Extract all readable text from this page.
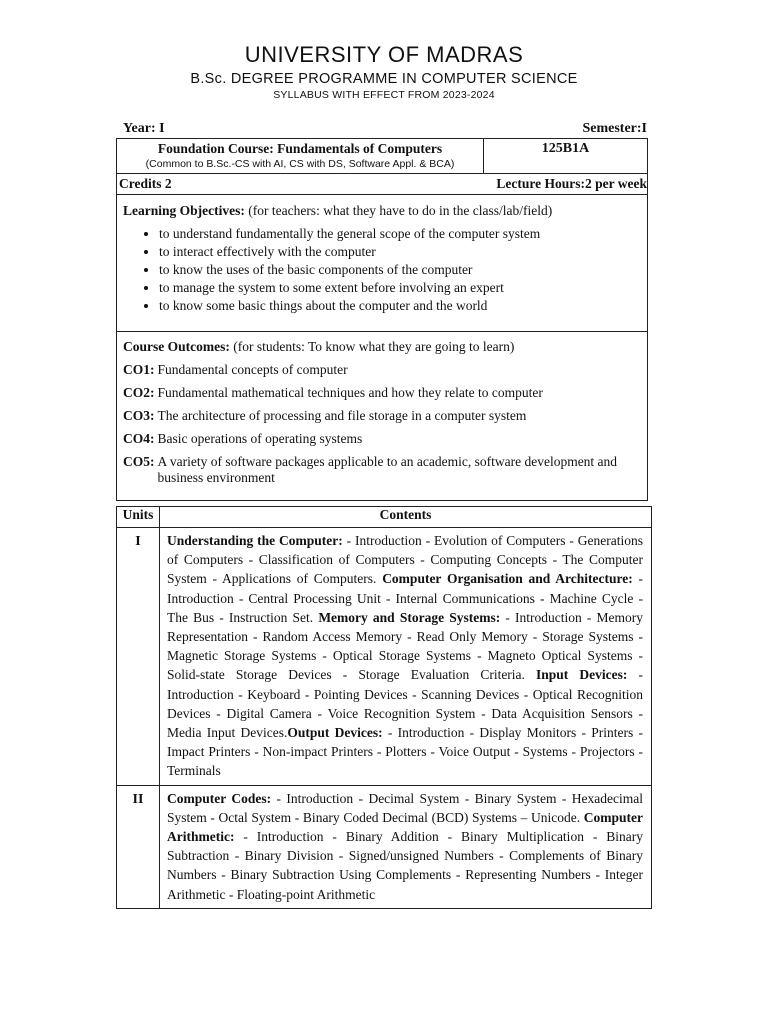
UNIVERSITY OF MADRAS
B.Sc. DEGREE PROGRAMME IN COMPUTER SCIENCE
SYLLABUS WITH EFFECT FROM 2023-2024
Year: I	Semester:I
Foundation Course: Fundamentals of Computers
(Common to B.Sc.-CS with AI, CS with DS, Software Appl. & BCA)
	125B1A

Credits 2	Lecture Hours:2 per week

Learning Objectives: (for teachers: what they have to do in the class/lab/field)
• to understand fundamentally the general scope of the computer system
• to interact effectively with the computer
• to know the uses of the basic components of the computer
• to manage the system to some extent before involving an expert
• to know some basic things about the computer and the world

Course Outcomes: (for students: To know what they are going to learn)

CO1: Fundamental concepts of computer
CO2: Fundamental mathematical techniques and how they relate to computer
CO3: The architecture of processing and file storage in a computer system
CO4: Basic operations of operating systems
CO5: A variety of software packages applicable to an academic, software development and business environment
Units	Contents
I	Understanding the Computer: - Introduction - Evolution of Computers - Generations of Computers - Classification of Computers - Computing Concepts - The Computer System - Applications of Computers. Computer Organisation and Architecture: - Introduction - Central Processing Unit - Internal Communications - Machine Cycle - The Bus - Instruction Set. Memory and Storage Systems: - Introduction - Memory Representation - Random Access Memory - Read Only Memory - Storage Systems - Magnetic Storage Systems - Optical Storage Systems - Magneto Optical Systems - Solid-state Storage Devices - Storage Evaluation Criteria. Input Devices: - Introduction - Keyboard - Pointing Devices - Scanning Devices - Optical Recognition Devices - Digital Camera - Voice Recognition System - Data Acquisition Sensors - Media Input Devices.Output Devices: - Introduction - Display Monitors - Printers - Impact Printers - Non-impact Printers - Plotters - Voice Output - Systems - Projectors - Terminals
II	Computer Codes: - Introduction - Decimal System - Binary System - Hexadecimal System - Octal System - Binary Coded Decimal (BCD) Systems – Unicode. Computer Arithmetic: - Introduction - Binary Addition - Binary Multiplication - Binary Subtraction - Binary Division - Signed/unsigned Numbers - Complements of Binary Numbers - Binary Subtraction Using Complements - Representing Numbers - Integer Arithmetic - Floating-point Arithmetic
